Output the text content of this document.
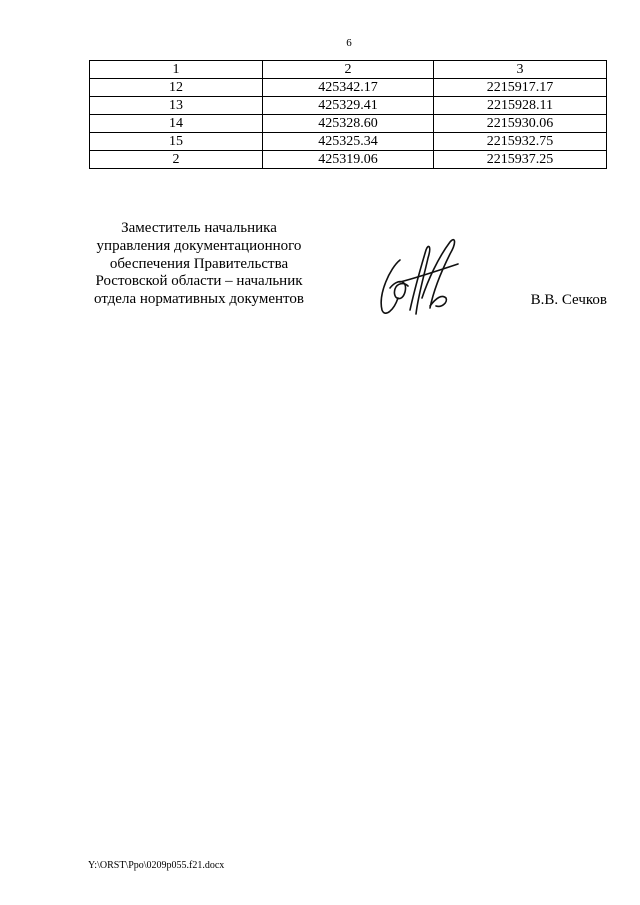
6
1	2	3
12	425342.17	2215917.17
13	425329.41	2215928.11
14	425328.60	2215930.06
15	425325.34	2215932.75
2	425319.06	2215937.25
Заместитель начальника
управления документационного
обеспечения Правительства
Ростовской области – начальник
отдела нормативных документов	В.В. Сечков
Y:\ORST\Ppo\0209p055.f21.docx
